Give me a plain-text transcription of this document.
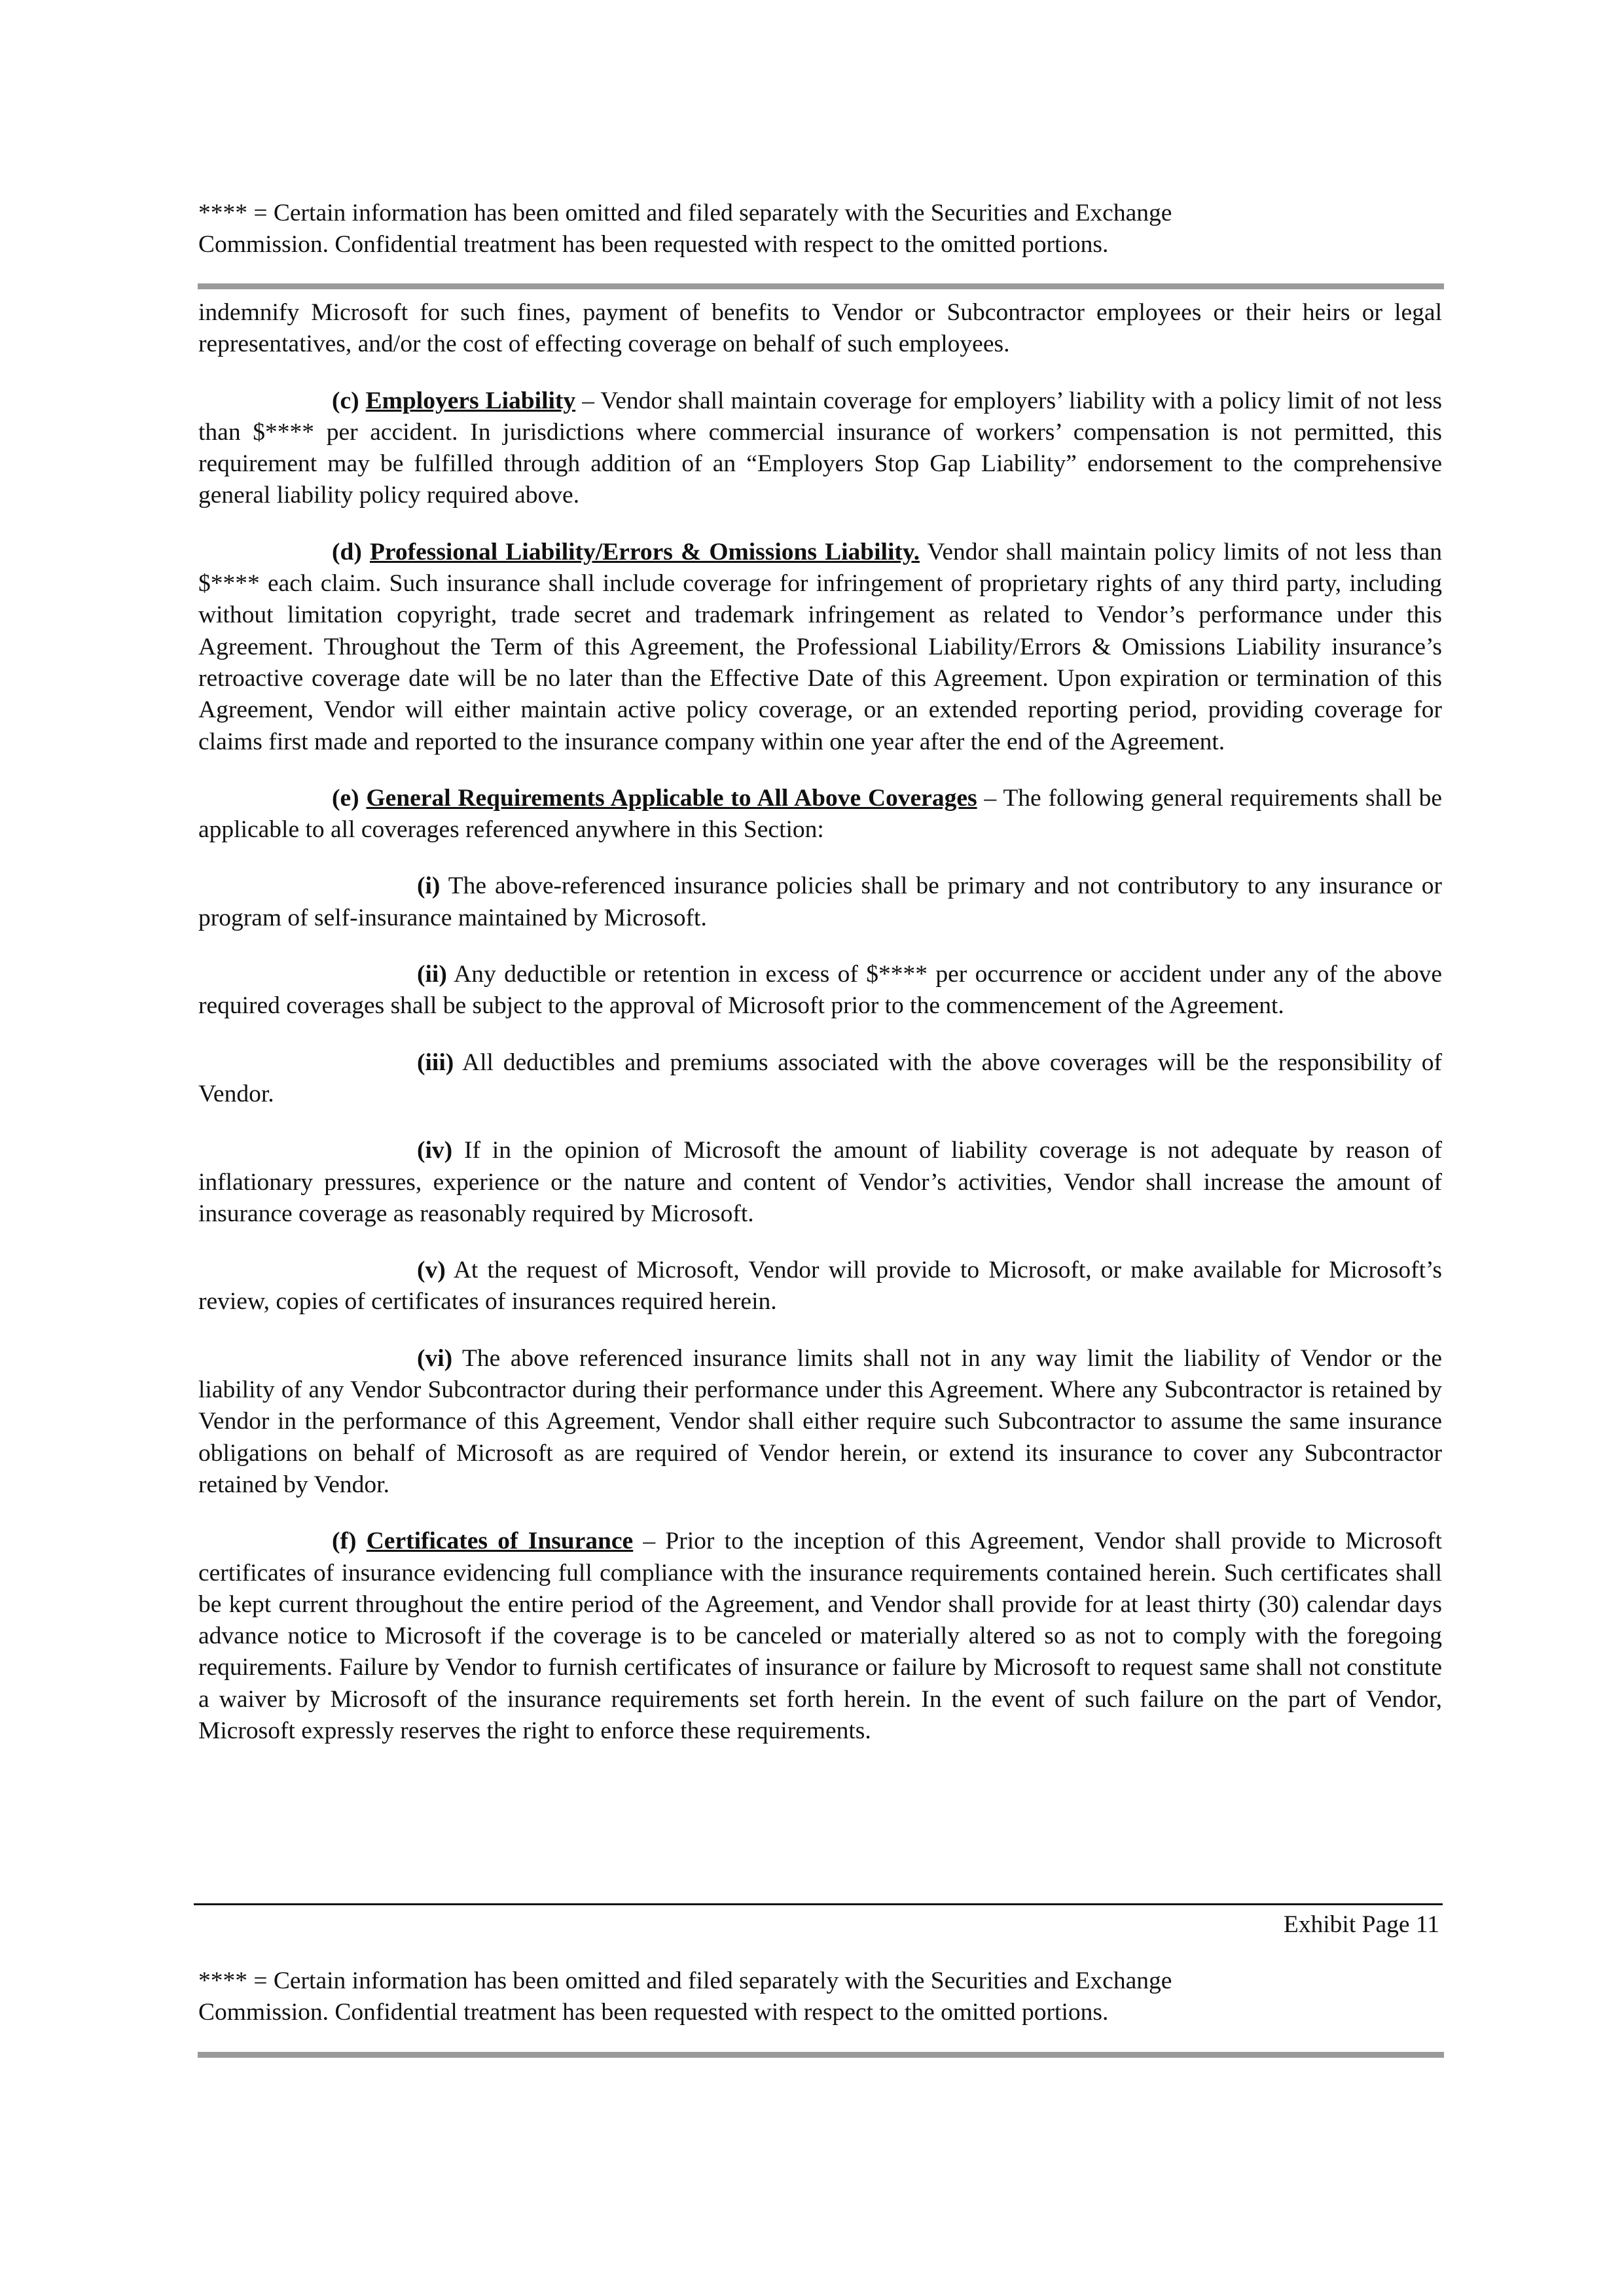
**** = Certain information has been omitted and filed separately with the Securities and Exchange

Commission. Confidential treatment has been requested with respect to the omitted portions.

indemnify Microsoft for such fines, payment of benefits to Vendor or Subcontractor employees or their heirs or legal representatives, and/or the cost of effecting coverage on behalf of such employees.

(c) Employers Liability – Vendor shall maintain coverage for employers’ liability with a policy limit of not less than $**** per accident. In jurisdictions where commercial insurance of workers’ compensation is not permitted, this requirement may be fulfilled through addition of an “Employers Stop Gap Liability” endorsement to the comprehensive general liability policy required above.

(d) Professional Liability/Errors & Omissions Liability. Vendor shall maintain policy limits of not less than $**** each claim. Such insurance shall include coverage for infringement of proprietary rights of any third party, including without limitation copyright, trade secret and trademark infringement as related to Vendor’s performance under this Agreement. Throughout the Term of this Agreement, the Professional Liability/Errors & Omissions Liability insurance’s retroactive coverage date will be no later than the Effective Date of this Agreement. Upon expiration or termination of this Agreement, Vendor will either maintain active policy coverage, or an extended reporting period, providing coverage for claims first made and reported to the insurance company within one year after the end of the Agreement.

(e) General Requirements Applicable to All Above Coverages – The following general requirements shall be applicable to all coverages referenced anywhere in this Section:

(i) The above-referenced insurance policies shall be primary and not contributory to any insurance or program of self-insurance maintained by Microsoft.

(ii) Any deductible or retention in excess of $**** per occurrence or accident under any of the above required coverages shall be subject to the approval of Microsoft prior to the commencement of the Agreement.

(iii) All deductibles and premiums associated with the above coverages will be the responsibility of Vendor.

(iv) If in the opinion of Microsoft the amount of liability coverage is not adequate by reason of inflationary pressures, experience or the nature and content of Vendor’s activities, Vendor shall increase the amount of insurance coverage as reasonably required by Microsoft.

(v) At the request of Microsoft, Vendor will provide to Microsoft, or make available for Microsoft’s review, copies of certificates of insurances required herein.

(vi) The above referenced insurance limits shall not in any way limit the liability of Vendor or the liability of any Vendor Subcontractor during their performance under this Agreement. Where any Subcontractor is retained by Vendor in the performance of this Agreement, Vendor shall either require such Subcontractor to assume the same insurance obligations on behalf of Microsoft as are required of Vendor herein, or extend its insurance to cover any Subcontractor retained by Vendor.

(f) Certificates of Insurance – Prior to the inception of this Agreement, Vendor shall provide to Microsoft certificates of insurance evidencing full compliance with the insurance requirements contained herein. Such certificates shall be kept current throughout the entire period of the Agreement, and Vendor shall provide for at least thirty (30) calendar days advance notice to Microsoft if the coverage is to be canceled or materially altered so as not to comply with the foregoing requirements. Failure by Vendor to furnish certificates of insurance or failure by Microsoft to request same shall not constitute a waiver by Microsoft of the insurance requirements set forth herein. In the event of such failure on the part of Vendor, Microsoft expressly reserves the right to enforce these requirements.

Exhibit Page 11

**** = Certain information has been omitted and filed separately with the Securities and Exchange

Commission. Confidential treatment has been requested with respect to the omitted portions.
